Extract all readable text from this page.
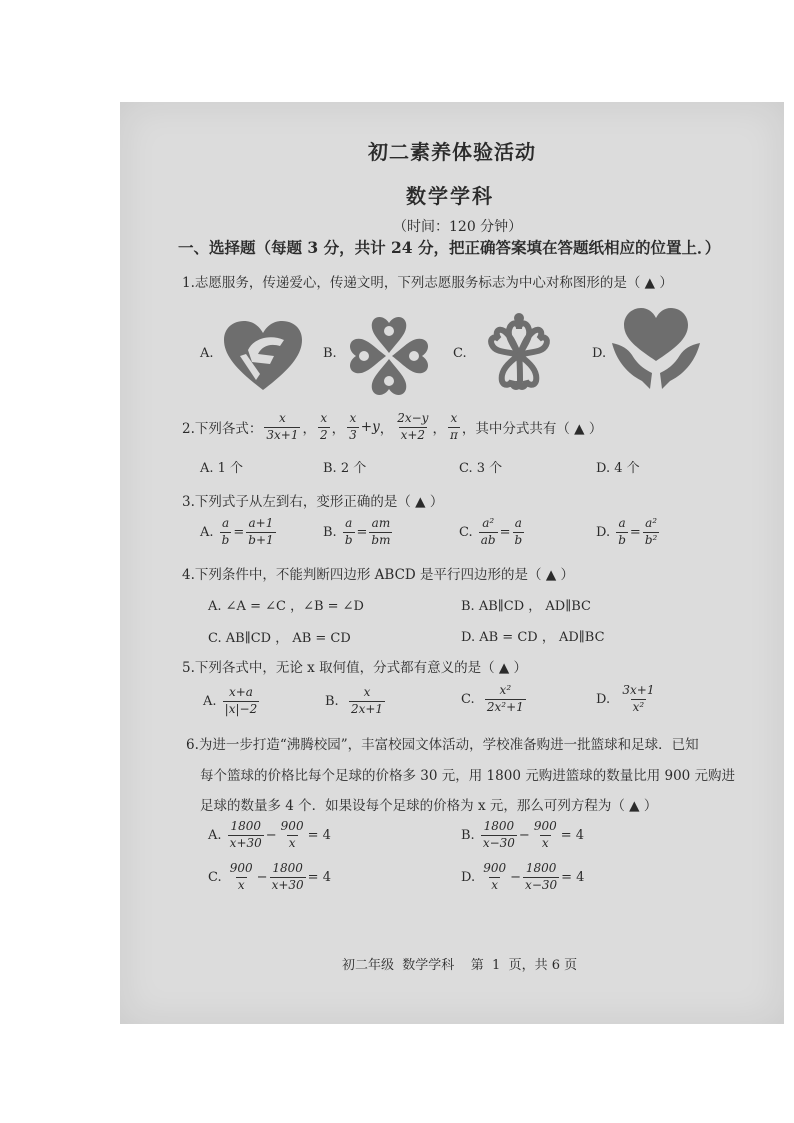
初二素养体验活动
数学学科
（时间：120 分钟）
一、选择题（每题 3 分，共计 24 分，把正确答案填在答题纸相应的位置上．）
1.志愿服务，传递爱心，传递文明，下列志愿服务标志为中心对称图形的是（ ▲ ）
A.	B.	C.	D.
2.下列各式： $\frac{x}{3x+1}$ ， $\frac{x}{2}$ ， $\frac{x}{3} +y$ ， $\frac{2x-y}{x+2}$ ， $\frac{x}{\pi}$ ，其中分式共有（ ▲ ）
A. 1 个	B. 2 个	C. 3 个	D. 4 个
3.下列式子从左到右，变形正确的是（ ▲ ）
A.
$\frac{a}{b} = \frac{a+1}{b+1}$	B.
$\frac{a}{b} = \frac{am}{bm}$	C.
$\frac{\text{a²}}{ab} = \frac{a}{b}$	D.
$\frac{a}{b} = \frac{\text{a²}}{\text{b²}}$
4.下列条件中，不能判断四边形 ABCD 是平行四边形的是（ ▲ ）
A. ∠A = ∠C ，∠B = ∠D	B. AB∥CD ， AD∥BC
C. AB∥CD ， AB = CD	D. AB = CD ， AD∥BC
5.下列各式中，无论 x 取何值，分式都有意义的是（ ▲ ）
A.
$\frac{x+a}{|x|-2}$	B.
$\frac{x}{2x+1}$	C.
$\frac{\text{x²}}{\text{2x²+1}}$	D.
$\frac{3x+1}{\text{x²}}$
6.为进一步打造“沸腾校园”，丰富校园文体活动，学校准备购进一批篮球和足球．已知
每个篮球的价格比每个足球的价格多 30 元，用 1800 元购进篮球的数量比用 900 元购进
足球的数量多 4 个．如果设每个足球的价格为 x 元，那么可列方程为（ ▲ ）
A.
$\frac{1800}{x+30} - \frac{900}{x} = 4$	B.
$\frac{1800}{x-30} - \frac{900}{x} = 4$
C.
$\frac{900}{x} - \frac{1800}{x+30} = 4$	D.
$\frac{900}{x} - \frac{1800}{x-30} = 4$
初二年级  数学学科    第  1  页，共 6 页
